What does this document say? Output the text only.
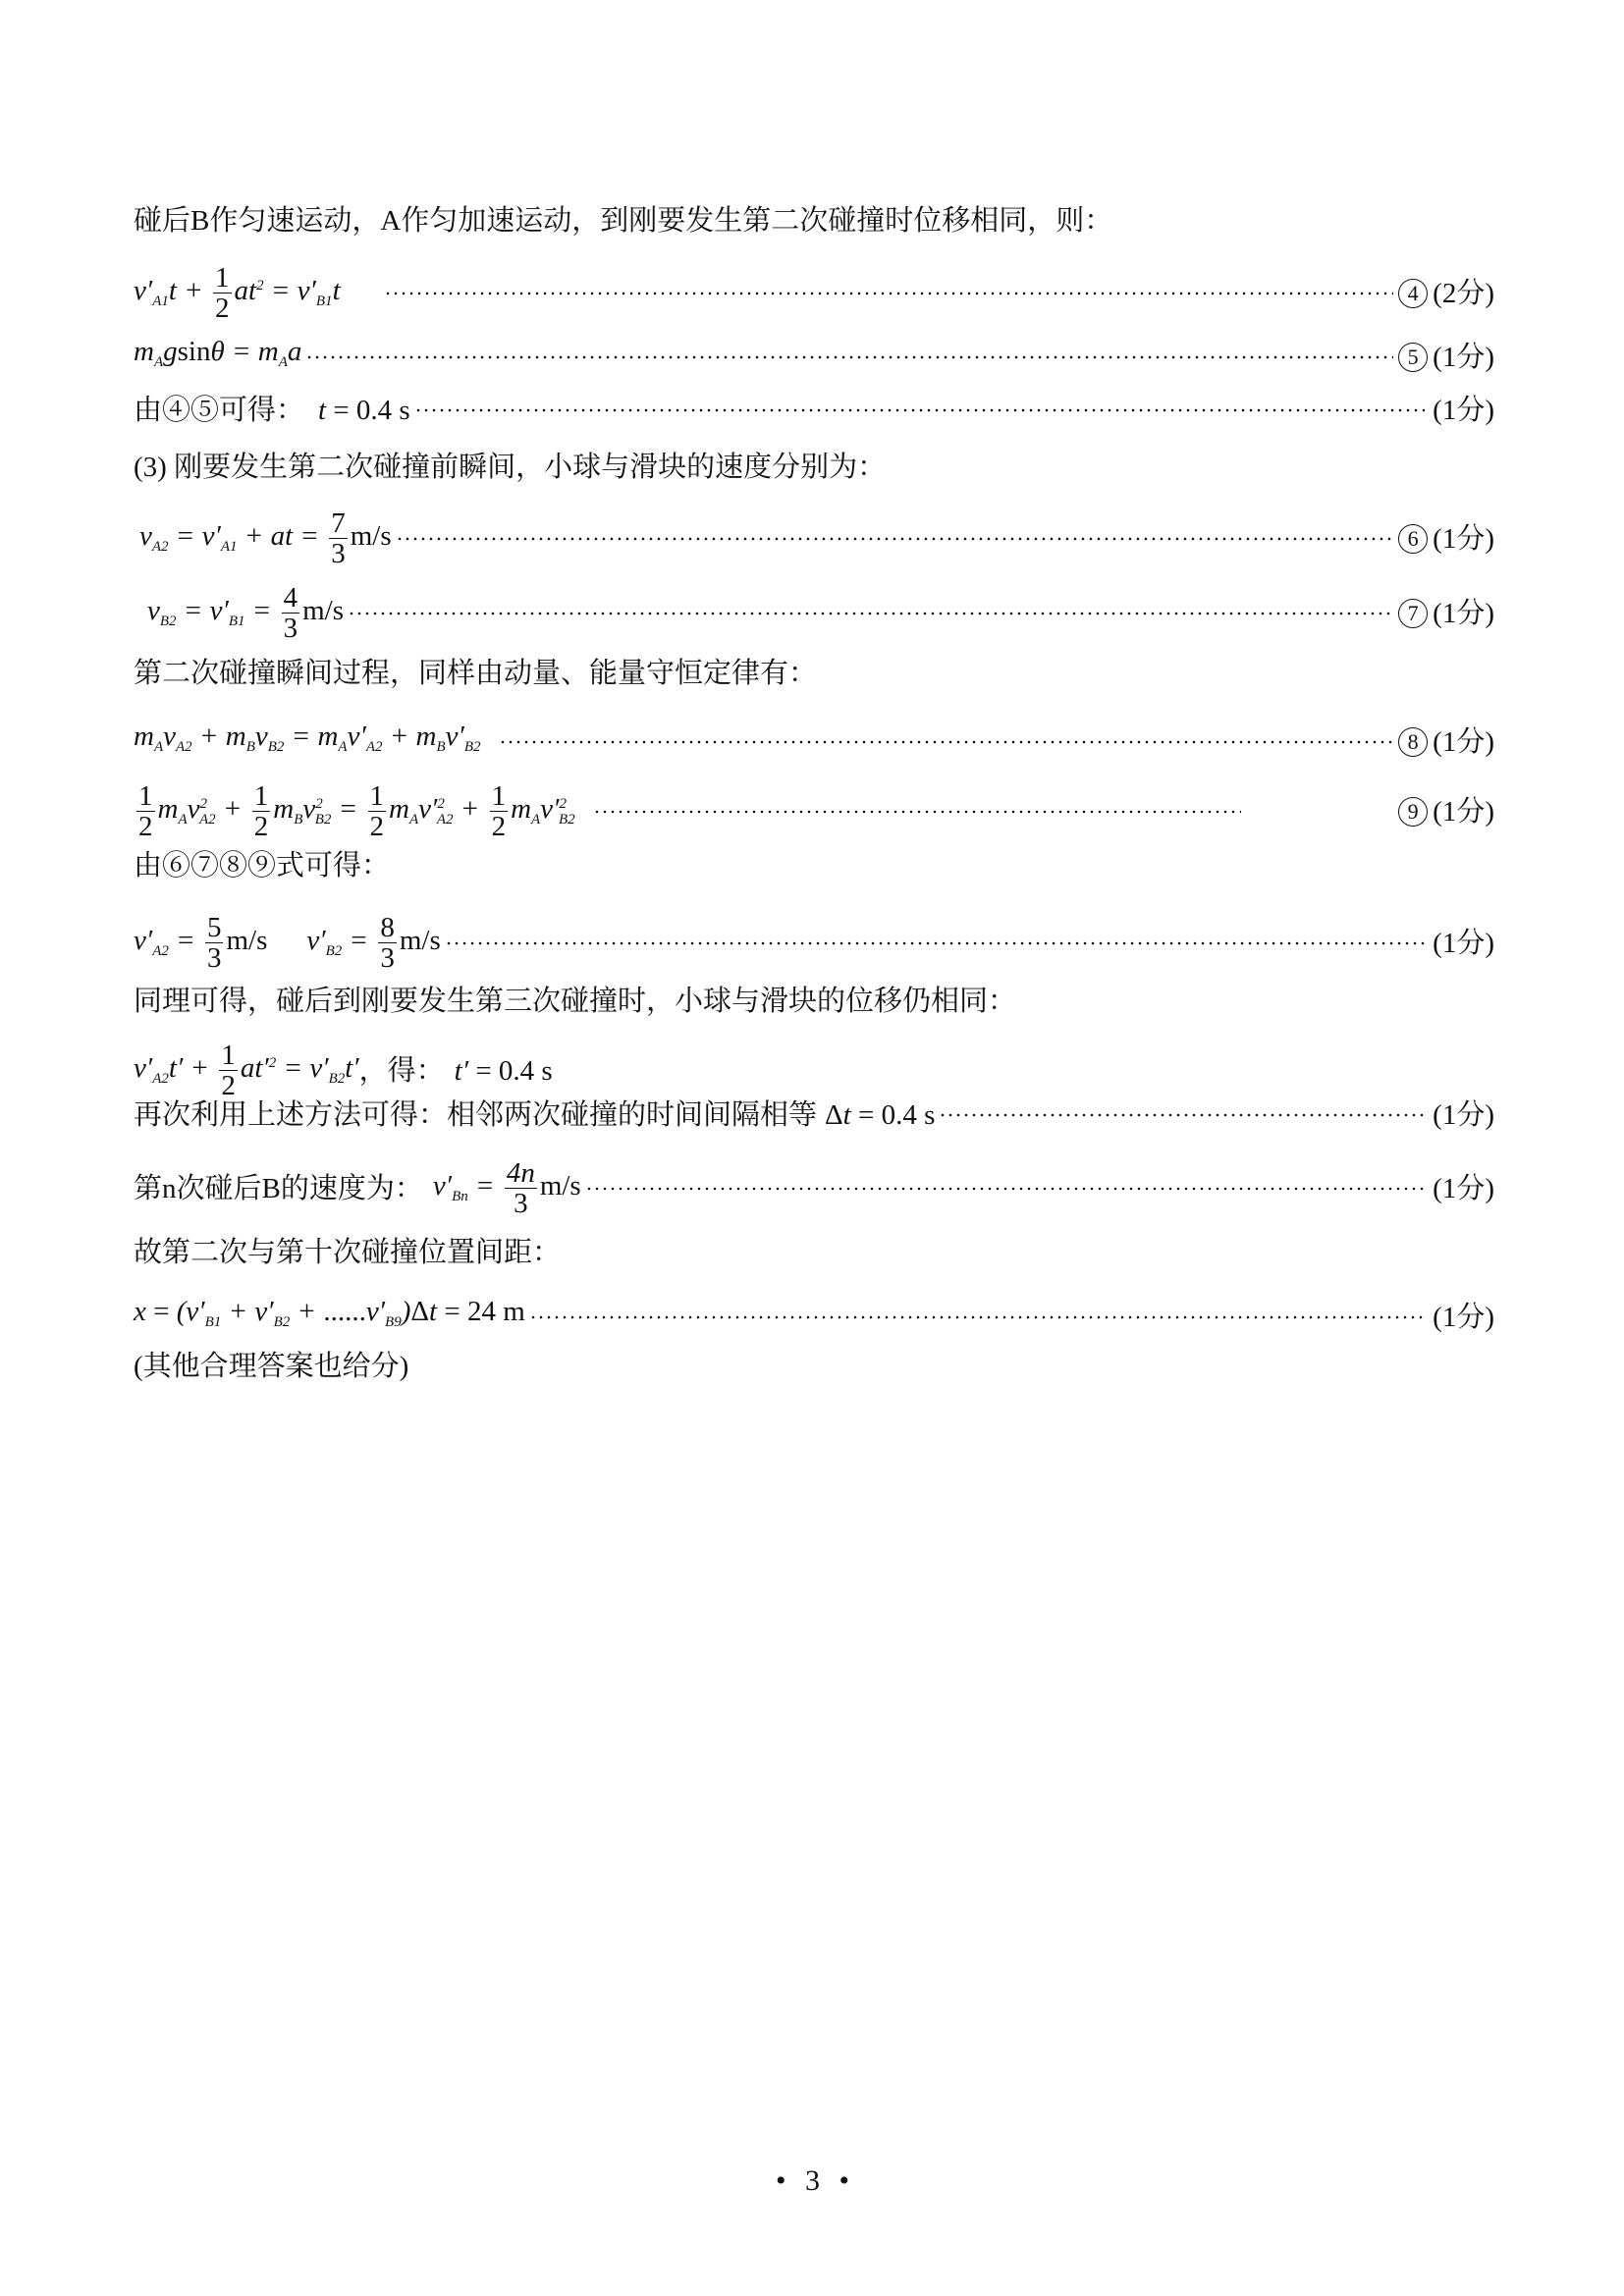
碰后B作匀速运动，A作匀加速运动，到刚要发生第二次碰撞时位移相同，则：
$v'_{A1}t + \frac{1}{2} at^2 = v'_{B1}t$	4 (2分)
$m_Agsin\theta = m_Aa$	5 (1分)
由④⑤可得： t = 0.4 s	(1分)
(3) 刚要发生第二次碰撞前瞬间，小球与滑块的速度分别为：
$v_{A2} = v'_{A1}$ + at = $\frac{7}{3} m/s$	6 (1分)
$v_{B2} = v'_{B1} = \frac{4}{3} m/s$	7 (1分)
第二次碰撞瞬间过程，同样由动量、能量守恒定律有：
$m_Av_{A2} + m_Bv_{B2} = m_Av'_{A2} + m_Bv'_{B2}$	8 (1分)
$\frac{1}{2} m_Av^2_{A2} + \frac{1}{2} m_Bv^2_{B2} = \frac{1}{2} m_Av'^2_{A2} + \frac{1}{2} m_Av'^2_{B2}$	9 (1分)
由⑥⑦⑧⑨式可得：
$v'_{A2} = \frac{5}{3} m/s$ $v'_{B2} = \frac{8}{3} m/s$	(1分)
同理可得，碰后到刚要发生第三次碰撞时，小球与滑块的位移仍相同：
$v'_{A2}t' + \frac{1}{2} at'^2 = v'_{B2}t'$ ，得： t′ = 0.4 s
再次利用上述方法可得：相邻两次碰撞的时间间隔相等 Δt = 0.4 s	(1分)
第n次碰后B的速度为： $v'_{Bn} = \frac{4n}{3} m/s$	(1分)
故第二次与第十次碰撞位置间距：
$x = (v'_{B1} + v'_{B2} + ......v'_{B9})\Delta t = 24$ m	(1分)
(其他合理答案也给分)
• 3 •
